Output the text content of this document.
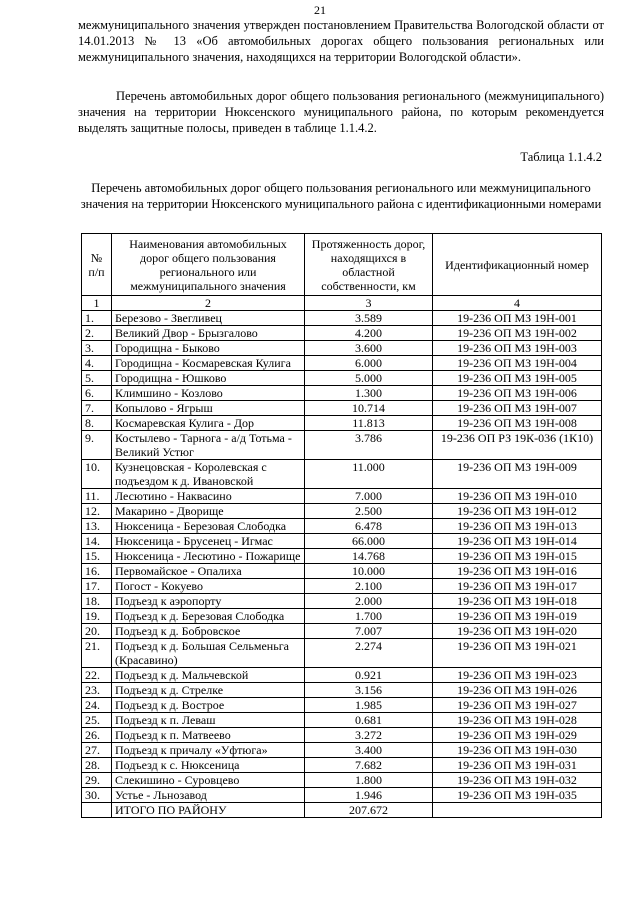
21
межмуниципального значения утвержден постановлением Правительства Вологодской области от 14.01.2013 № 13 «Об автомобильных дорогах общего пользования региональных или межмуниципального значения, находящихся на территории Вологодской области».
Перечень автомобильных дорог общего пользования регионального (межмуниципального) значения на территории Нюксенского муниципального района, по которым рекомендуется выделять защитные полосы, приведен в таблице 1.1.4.2.
Таблица 1.1.4.2
Перечень автомобильных дорог общего пользования регионального или межмуниципального значения на территории Нюксенского муниципального района с идентификационными номерами
№ п/п	Наименования автомобильных дорог общего пользования регионального или межмуниципального значения	Протяженность дорог, находящихся в областной собственности, км	Идентификационный номер
1	2	3	4
1.	Березово - Звегливец	3.589	19-236 ОП МЗ 19Н-001
2.	Великий Двор - Брызгалово	4.200	19-236 ОП МЗ 19Н-002
3.	Городищна - Быково	3.600	19-236 ОП МЗ 19Н-003
4.	Городищна - Космаревская Кулига	6.000	19-236 ОП МЗ 19Н-004
5.	Городищна - Юшково	5.000	19-236 ОП МЗ 19Н-005
6.	Климшино - Козлово	1.300	19-236 ОП МЗ 19Н-006
7.	Копылово - Ягрыш	10.714	19-236 ОП МЗ 19Н-007
8.	Космаревская Кулига - Дор	11.813	19-236 ОП МЗ 19Н-008
9.	Костылево - Тарнога - а/д Тотьма - Великий Устюг	3.786	19-236 ОП РЗ 19К-036 (1К10)
10.	Кузнецовская - Королевская с подъездом к д. Ивановской	11.000	19-236 ОП МЗ 19Н-009
11.	Лесютино - Наквасино	7.000	19-236 ОП МЗ 19Н-010
12.	Макарино - Дворище	2.500	19-236 ОП МЗ 19Н-012
13.	Нюксеница - Березовая Слободка	6.478	19-236 ОП МЗ 19Н-013
14.	Нюксеница - Брусенец - Игмас	66.000	19-236 ОП МЗ 19Н-014
15.	Нюксеница - Лесютино - Пожарище	14.768	19-236 ОП МЗ 19Н-015
16.	Первомайское - Опалиха	10.000	19-236 ОП МЗ 19Н-016
17.	Погост - Кокуево	2.100	19-236 ОП МЗ 19Н-017
18.	Подъезд к аэропорту	2.000	19-236 ОП МЗ 19Н-018
19.	Подъезд к д. Березовая Слободка	1.700	19-236 ОП МЗ 19Н-019
20.	Подъезд к д. Бобровское	7.007	19-236 ОП МЗ 19Н-020
21.	Подъезд к д. Большая Сельменьга (Красавино)	2.274	19-236 ОП МЗ 19Н-021
22.	Подъезд к д. Мальчевской	0.921	19-236 ОП МЗ 19Н-023
23.	Подъезд к д. Стрелке	3.156	19-236 ОП МЗ 19Н-026
24.	Подъезд к д. Вострое	1.985	19-236 ОП МЗ 19Н-027
25.	Подъезд к п. Леваш	0.681	19-236 ОП МЗ 19Н-028
26.	Подъезд к п. Матвеево	3.272	19-236 ОП МЗ 19Н-029
27.	Подъезд к причалу «Уфтюга»	3.400	19-236 ОП МЗ 19Н-030
28.	Подъезд к с. Нюксеница	7.682	19-236 ОП МЗ 19Н-031
29.	Слекишино - Суровцево	1.800	19-236 ОП МЗ 19Н-032
30.	Устье - Льнозавод	1.946	19-236 ОП МЗ 19Н-035
	ИТОГО ПО РАЙОНУ	207.672	
